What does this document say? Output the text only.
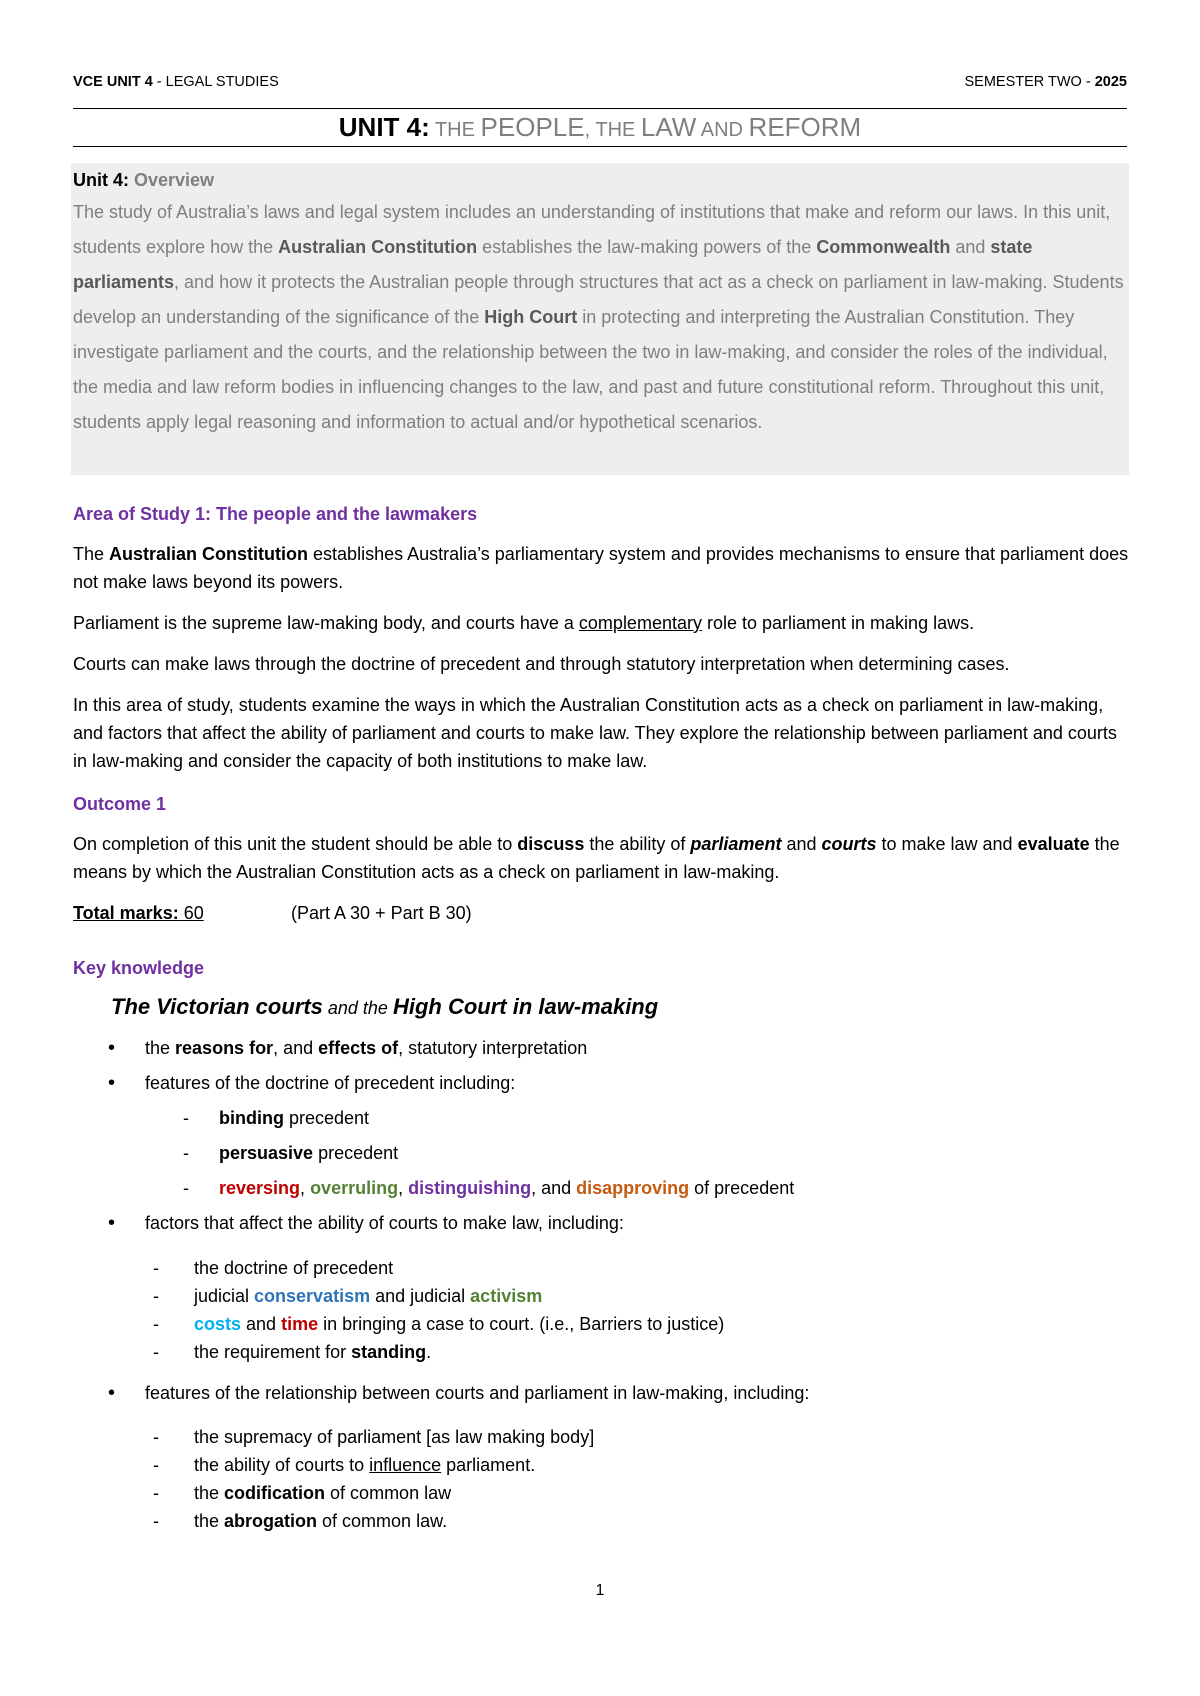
VCE UNIT 4 - LEGAL STUDIES	SEMESTER TWO - 2025
UNIT 4: THE PEOPLE, THE LAW AND REFORM
Unit 4: Overview

The study of Australia’s laws and legal system includes an understanding of institutions that make and reform our laws. In this unit, students explore how the Australian Constitution establishes the law-making powers of the Commonwealth and state parliaments, and how it protects the Australian people through structures that act as a check on parliament in law-making. Students develop an understanding of the significance of the High Court in protecting and interpreting the Australian Constitution. They investigate parliament and the courts, and the relationship between the two in law-making, and consider the roles of the individual, the media and law reform bodies in influencing changes to the law, and past and future constitutional reform. Throughout this unit, students apply legal reasoning and information to actual and/or hypothetical scenarios.

Area of Study 1: The people and the lawmakers
The Australian Constitution establishes Australia’s parliamentary system and provides mechanisms to ensure that parliament does not make laws beyond its powers.
Parliament is the supreme law-making body, and courts have a complementary role to parliament in making laws.
Courts can make laws through the doctrine of precedent and through statutory interpretation when determining cases.
In this area of study, students examine the ways in which the Australian Constitution acts as a check on parliament in law-making, and factors that affect the ability of parliament and courts to make law. They explore the relationship between parliament and courts in law-making and consider the capacity of both institutions to make law.
Outcome 1
On completion of this unit the student should be able to discuss the ability of parliament and courts to make law and evaluate the means by which the Australian Constitution acts as a check on parliament in law-making.
Total marks: 60	(Part A 30 + Part B 30)
Key knowledge
The Victorian courts and the High Court in law-making
• the reasons for, and effects of, statutory interpretation
• features of the doctrine of precedent including:
- binding precedent
- persuasive precedent
- reversing, overruling, distinguishing, and disapproving of precedent
• factors that affect the ability of courts to make law, including:
- the doctrine of precedent
- judicial conservatism and judicial activism
- costs and time in bringing a case to court. (i.e., Barriers to justice)
- the requirement for standing.
• features of the relationship between courts and parliament in law-making, including:
- the supremacy of parliament [as law making body]
- the ability of courts to influence parliament.
- the codification of common law
- the abrogation of common law.
1
